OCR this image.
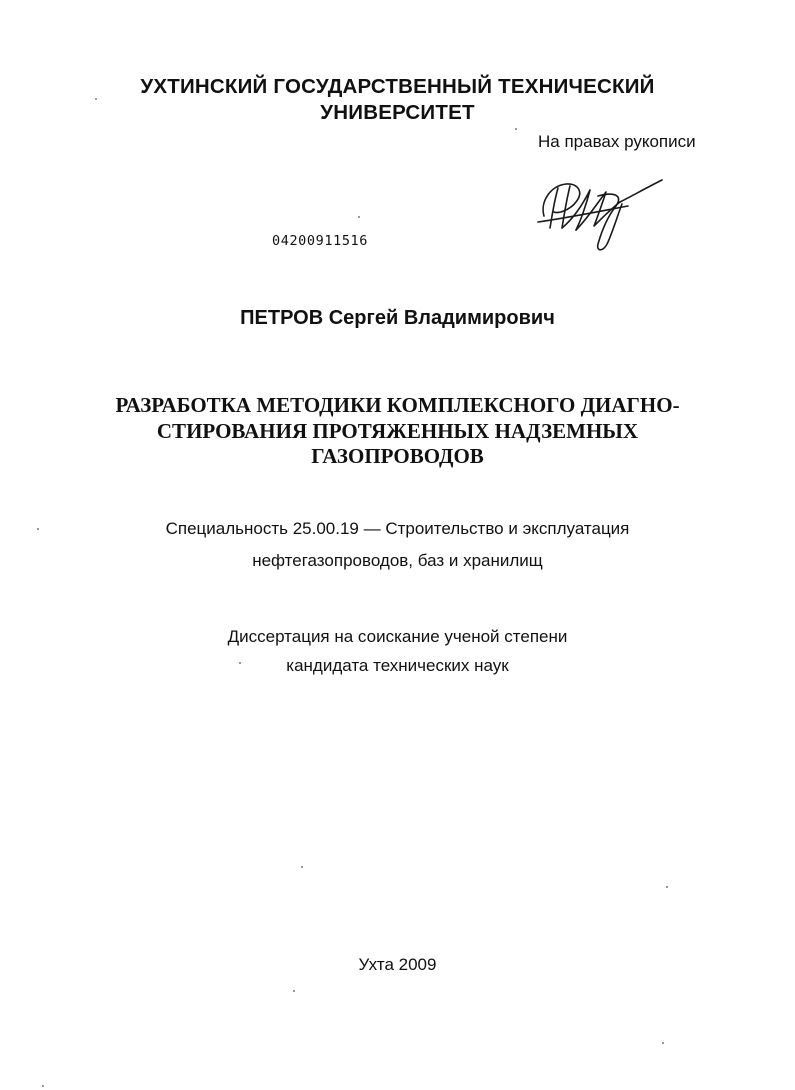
УХТИНСКИЙ ГОСУДАРСТВЕННЫЙ ТЕХНИЧЕСКИЙ
УНИВЕРСИТЕТ
На правах рукописи
04200911516
ПЕТРОВ Сергей Владимирович
РАЗРАБОТКА МЕТОДИКИ КОМПЛЕКСНОГО ДИАГНО-
СТИРОВАНИЯ ПРОТЯЖЕННЫХ НАДЗЕМНЫХ
ГАЗОПРОВОДОВ
Специальность 25.00.19 — Строительство и эксплуатация
нефтегазопроводов, баз и хранилищ
Диссертация на соискание ученой степени
кандидата технических наук
Ухта 2009
